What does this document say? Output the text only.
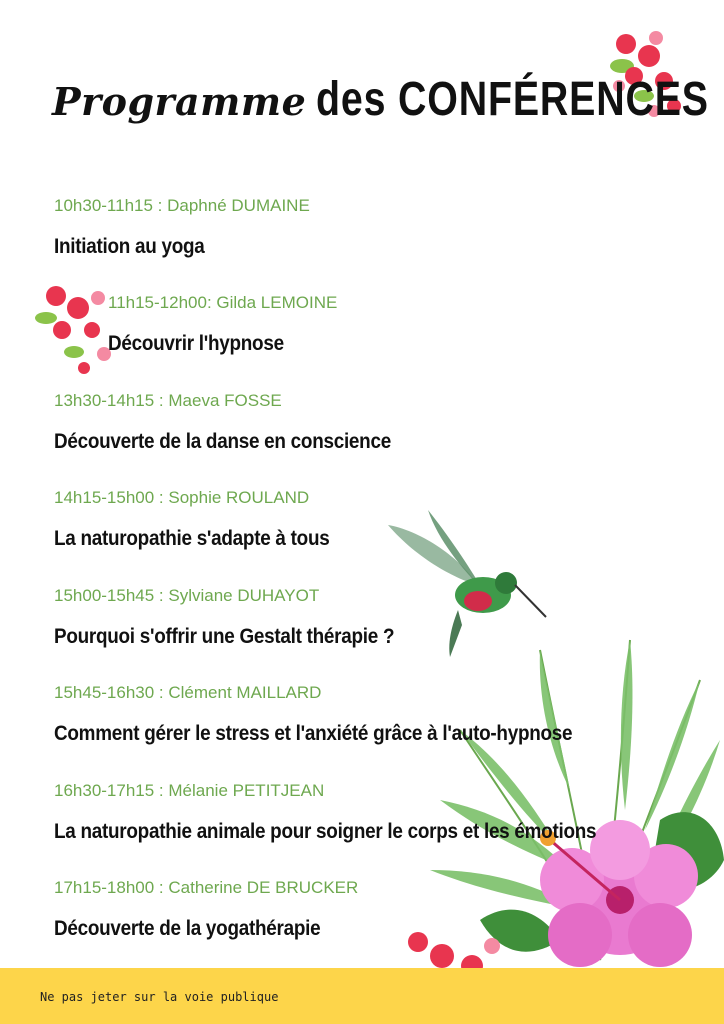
Programme des CONFÉRENCES
10h30-11h15 : Daphné DUMAINE
Initiation au yoga
11h15-12h00: Gilda LEMOINE
Découvrir l'hypnose
13h30-14h15 : Maeva FOSSE
Découverte de la danse en conscience
14h15-15h00 : Sophie ROULAND
La naturopathie s'adapte à tous
15h00-15h45 : Sylviane DUHAYOT
Pourquoi s'offrir une Gestalt thérapie ?
15h45-16h30 : Clément MAILLARD
Comment gérer le stress et l'anxiété grâce à l'auto-hypnose
16h30-17h15 : Mélanie PETITJEAN
La naturopathie animale pour soigner le corps et les émotions
17h15-18h00 : Catherine DE BRUCKER
Découverte de la yogathérapie
Ne pas jeter sur la voie publique
